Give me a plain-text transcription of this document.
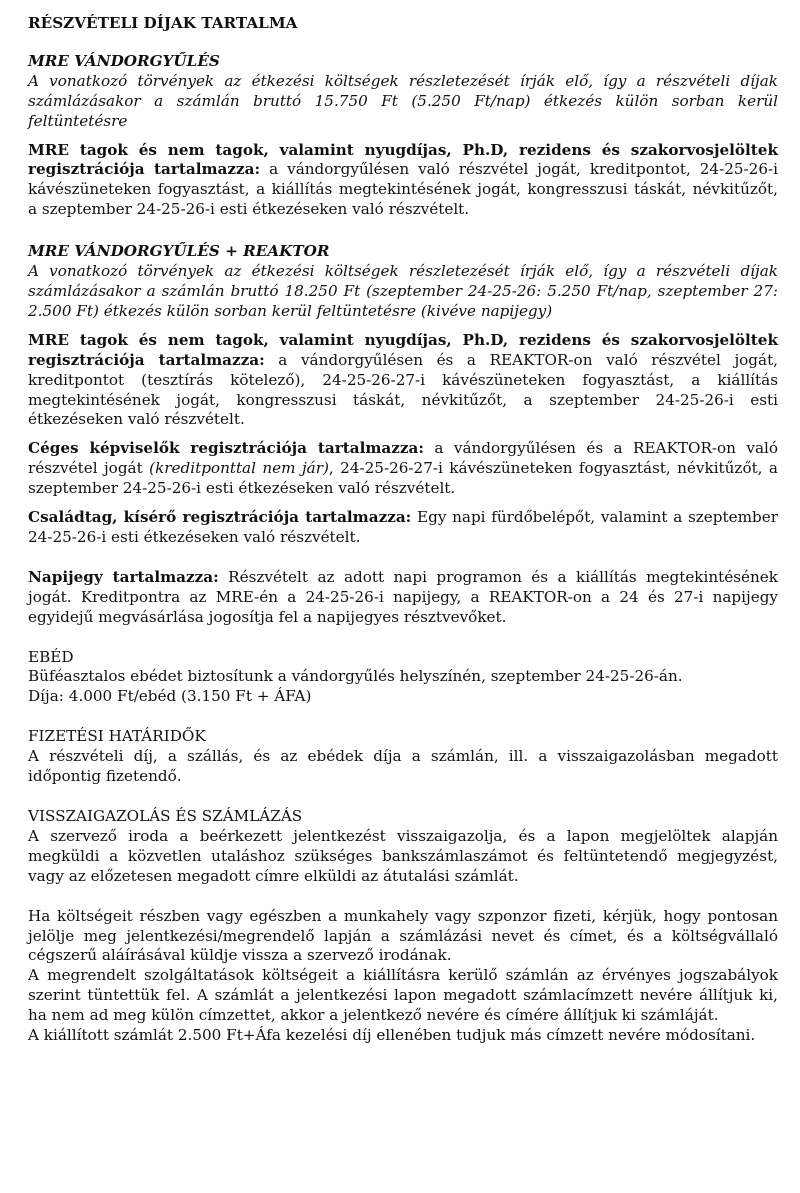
RÉSZVÉTELI DÍJAK TARTALMA
MRE VÁNDORGYŰLÉS

A vonatkozó törvények az étkezési költségek részletezését írják elő, így a részvételi díjak számlázásakor a számlán bruttó 15.750 Ft (5.250 Ft/nap) étkezés külön sorban kerül feltüntetésre

MRE tagok és nem tagok, valamint nyugdíjas, Ph.D, rezidens és szakorvosjelöltek regisztrációja tartalmazza: a vándorgyűlésen való részvétel jogát, kreditpontot, 24-25-26-i kávészüneteken fogyasztást, a kiállítás megtekintésének jogát, kongresszusi táskát, névkitűzőt, a szeptember 24-25-26-i esti étkezéseken való részvételt.

MRE VÁNDORGYŰLÉS + REAKTOR

A vonatkozó törvények az étkezési költségek részletezését írják elő, így a részvételi díjak számlázásakor a számlán bruttó 18.250 Ft (szeptember 24-25-26: 5.250 Ft/nap, szeptember 27: 2.500 Ft) étkezés külön sorban kerül feltüntetésre (kivéve napijegy)

MRE tagok és nem tagok, valamint nyugdíjas, Ph.D, rezidens és szakorvosjelöltek regisztrációja tartalmazza: a vándorgyűlésen és a REAKTOR-on való részvétel jogát, kreditpontot (tesztírás kötelező), 24-25-26-27-i kávészüneteken fogyasztást, a kiállítás megtekintésének jogát, kongresszusi táskát, névkitűzőt, a szeptember 24-25-26-i esti étkezéseken való részvételt.

Céges képviselők regisztrációja tartalmazza: a vándorgyűlésen és a REAKTOR-on való részvétel jogát (kreditponttal nem jár), 24-25-26-27-i kávészüneteken fogyasztást, névkitűzőt, a szeptember 24-25-26-i esti étkezéseken való részvételt.

Családtag, kísérő regisztrációja tartalmazza: Egy napi fürdőbelépőt, valamint a szeptember 24-25-26-i esti étkezéseken való részvételt.

Napijegy tartalmazza: Részvételt az adott napi programon és a kiállítás megtekintésének jogát. Kreditpontra az MRE-én a 24-25-26-i napijegy, a REAKTOR-on a 24 és 27-i napijegy egyidejű megvásárlása jogosítja fel a napijegyes résztvevőket.

EBÉD

Büféasztalos ebédet biztosítunk a vándorgyűlés helyszínén, szeptember 24-25-26-án.

Díja: 4.000 Ft/ebéd (3.150 Ft + ÁFA)

FIZETÉSI HATÁRIDŐK

A részvételi díj, a szállás, és az ebédek díja a számlán, ill. a visszaigazolásban megadott időpontig fizetendő.

VISSZAIGAZOLÁS ÉS SZÁMLÁZÁS

A szervező iroda a beérkezett jelentkezést visszaigazolja, és a lapon megjelöltek alapján megküldi a közvetlen utaláshoz szükséges bankszámlaszámot és feltüntetendő megjegyzést, vagy az előzetesen megadott címre elküldi az átutalási számlát.

Ha költségeit részben vagy egészben a munkahely vagy szponzor fizeti, kérjük, hogy pontosan jelölje meg jelentkezési/megrendelő lapján a számlázási nevet és címet, és a költségvállaló cégszerű aláírásával küldje vissza a szervező irodának.

A megrendelt szolgáltatások költségeit a kiállításra kerülő számlán az érvényes jogszabályok szerint tüntettük fel. A számlát a jelentkezési lapon megadott számlacímzett nevére állítjuk ki, ha nem ad meg külön címzettet, akkor a jelentkező nevére és címére állítjuk ki számláját.

A kiállított számlát 2.500 Ft+Áfa kezelési díj ellenében tudjuk más címzett nevére módosítani.
